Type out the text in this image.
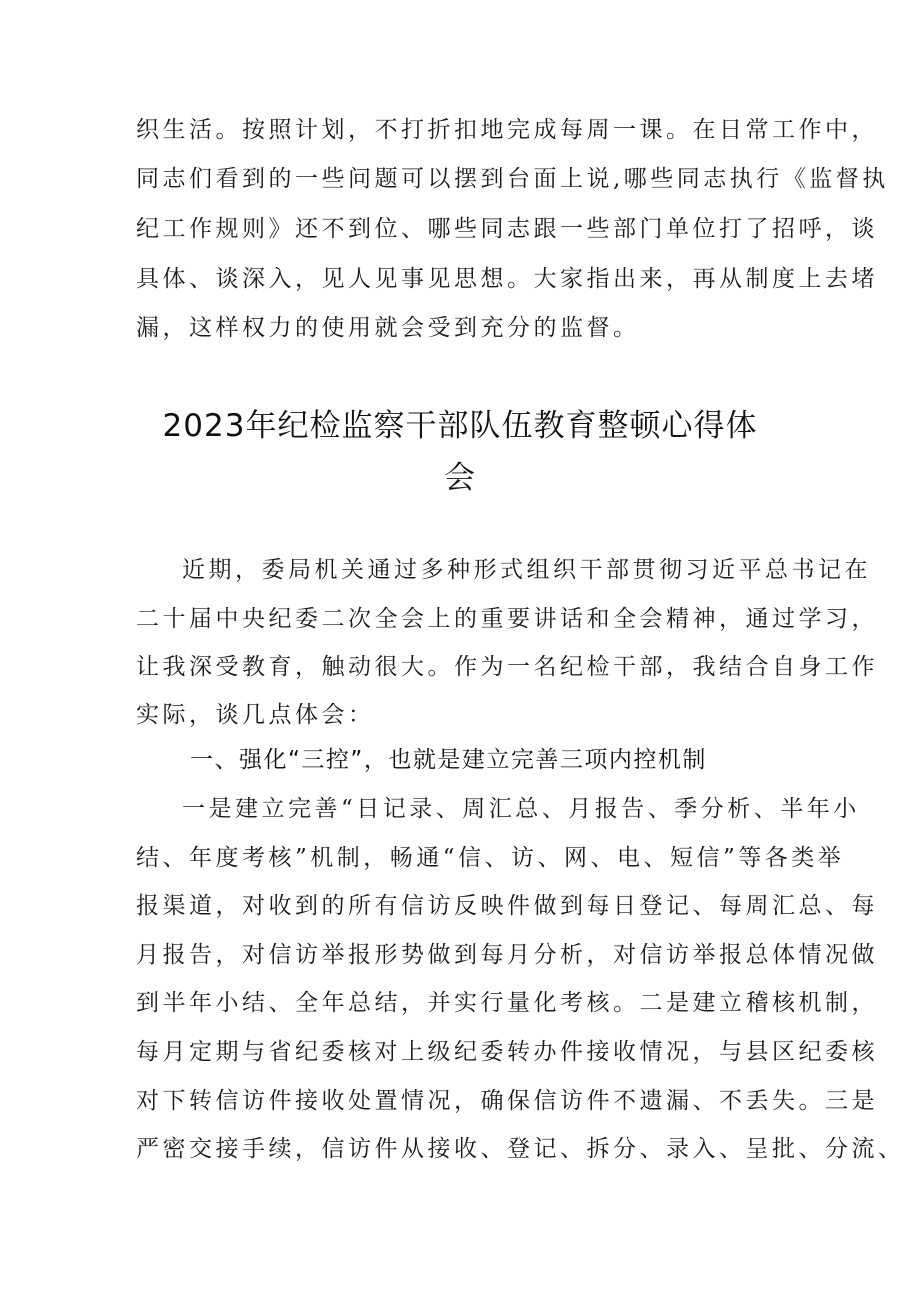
织生活。按照计划，不打折扣地完成每周一课。在日常工作中，
同志们看到的一些问题可以摆到台面上说,哪些同志执行《监督执
纪工作规则》还不到位、哪些同志跟一些部门单位打了招呼，谈
具体、谈深入，见人见事见思想。大家指出来，再从制度上去堵
漏，这样权力的使用就会受到充分的监督。
2023年纪检监察干部队伍教育整顿心得体
会
近期，委局机关通过多种形式组织干部贯彻习近平总书记在
二十届中央纪委二次全会上的重要讲话和全会精神，通过学习，
让我深受教育，触动很大。作为一名纪检干部，我结合自身工作
实际，谈几点体会：
一、强化“三控”，也就是建立完善三项内控机制
一是建立完善“日记录、周汇总、月报告、季分析、半年小
结、年度考核”机制，畅通“信、访、网、电、短信”等各类举
报渠道，对收到的所有信访反映件做到每日登记、每周汇总、每
月报告，对信访举报形势做到每月分析，对信访举报总体情况做
到半年小结、全年总结，并实行量化考核。二是建立稽核机制，
每月定期与省纪委核对上级纪委转办件接收情况，与县区纪委核
对下转信访件接收处置情况，确保信访件不遗漏、不丢失。三是
严密交接手续，信访件从接收、登记、拆分、录入、呈批、分流、
